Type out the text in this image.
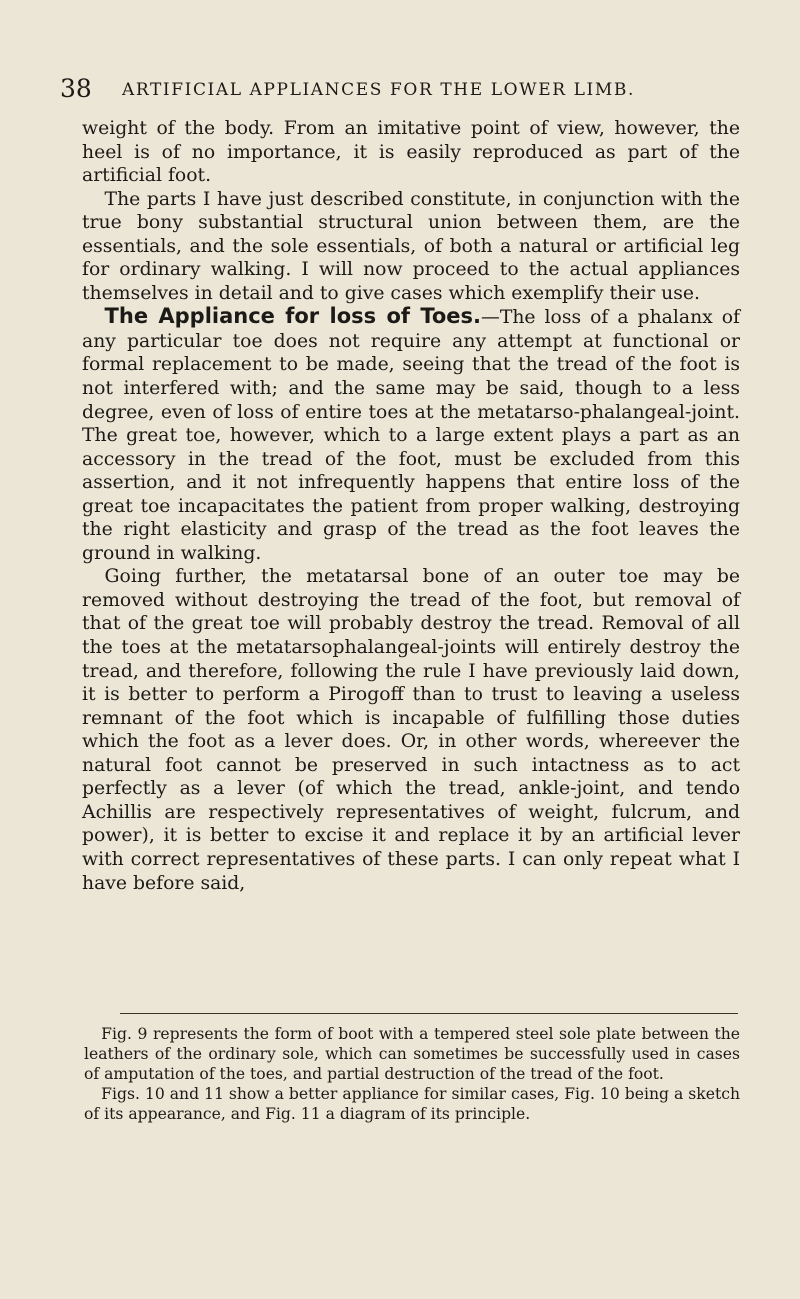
38 ARTIFICIAL APPLIANCES FOR THE LOWER LIMB.

weight of the body. From an imitative point of view, however, the heel is of no importance, it is easily reproduced as part of the artificial foot.

The parts I have just described constitute, in conjunction with the true bony substantial structural union between them, are the essentials, and the sole essentials, of both a natural or artificial leg for ordinary walking. I will now proceed to the actual appliances themselves in detail and to give cases which exemplify their use.

The Appliance for loss of Toes.—The loss of a phalanx of any particular toe does not require any attempt at functional or formal replacement to be made, seeing that the tread of the foot is not interfered with; and the same may be said, though to a less degree, even of loss of entire toes at the metatarso-phalangeal-joint. The great toe, however, which to a large extent plays a part as an accessory in the tread of the foot, must be excluded from this assertion, and it not infrequently happens that entire loss of the great toe incapacitates the patient from proper walking, destroying the right elasticity and grasp of the tread as the foot leaves the ground in walking.

Going further, the metatarsal bone of an outer toe may be removed without destroying the tread of the foot, but removal of that of the great toe will probably destroy the tread. Removal of all the toes at the metatarsophalangeal-joints will entirely destroy the tread, and therefore, following the rule I have previously laid down, it is better to perform a Pirogoff than to trust to leaving a useless remnant of the foot which is incapable of fulfilling those duties which the foot as a lever does. Or, in other words, whereever the natural foot cannot be preserved in such intactness as to act perfectly as a lever (of which the tread, ankle-joint, and tendo Achillis are respectively representatives of weight, fulcrum, and power), it is better to excise it and replace it by an artificial lever with correct representatives of these parts. I can only repeat what I have before said,

Fig. 9 represents the form of boot with a tempered steel sole plate between the leathers of the ordinary sole, which can sometimes be successfully used in cases of amputation of the toes, and partial destruction of the tread of the foot.

Figs. 10 and 11 show a better appliance for similar cases, Fig. 10 being a sketch of its appearance, and Fig. 11 a diagram of its principle.
